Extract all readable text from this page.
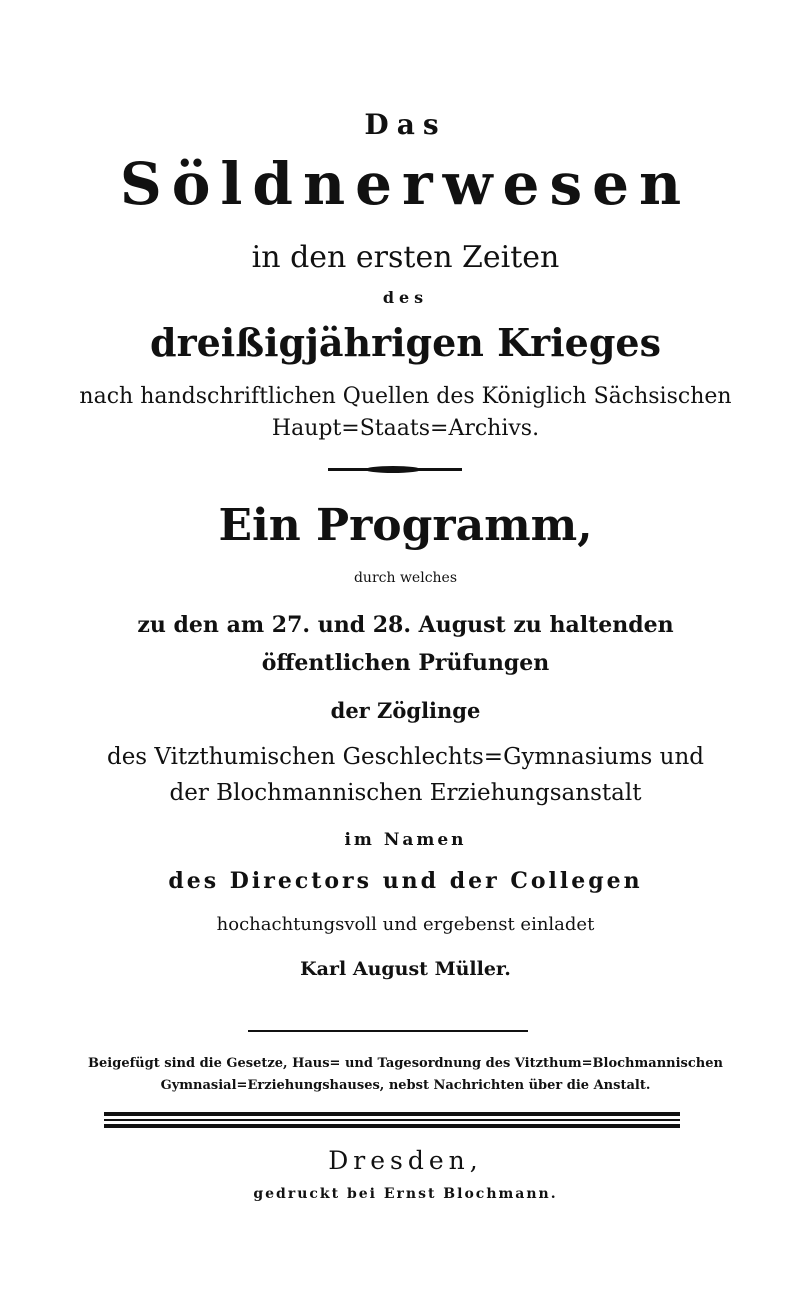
Das
Söldnerwesen
in den ersten Zeiten
des
dreißigjährigen Krieges
nach handschriftlichen Quellen des Königlich Sächsischen
Haupt=Staats=Archivs.
Ein Programm,
durch welches
zu den am 27. und 28. August zu haltenden
öffentlichen Prüfungen
der Zöglinge
des Vitzthumischen Geschlechts=Gymnasiums und
der Blochmannischen Erziehungsanstalt
im Namen
des Directors und der Collegen
hochachtungsvoll und ergebenst einladet
Karl August Müller.
Beigefügt sind die Gesetze, Haus= und Tagesordnung des Vitzthum=Blochmannischen
Gymnasial=Erziehungshauses, nebst Nachrichten über die Anstalt.
Dresden,
gedruckt bei Ernst Blochmann.
